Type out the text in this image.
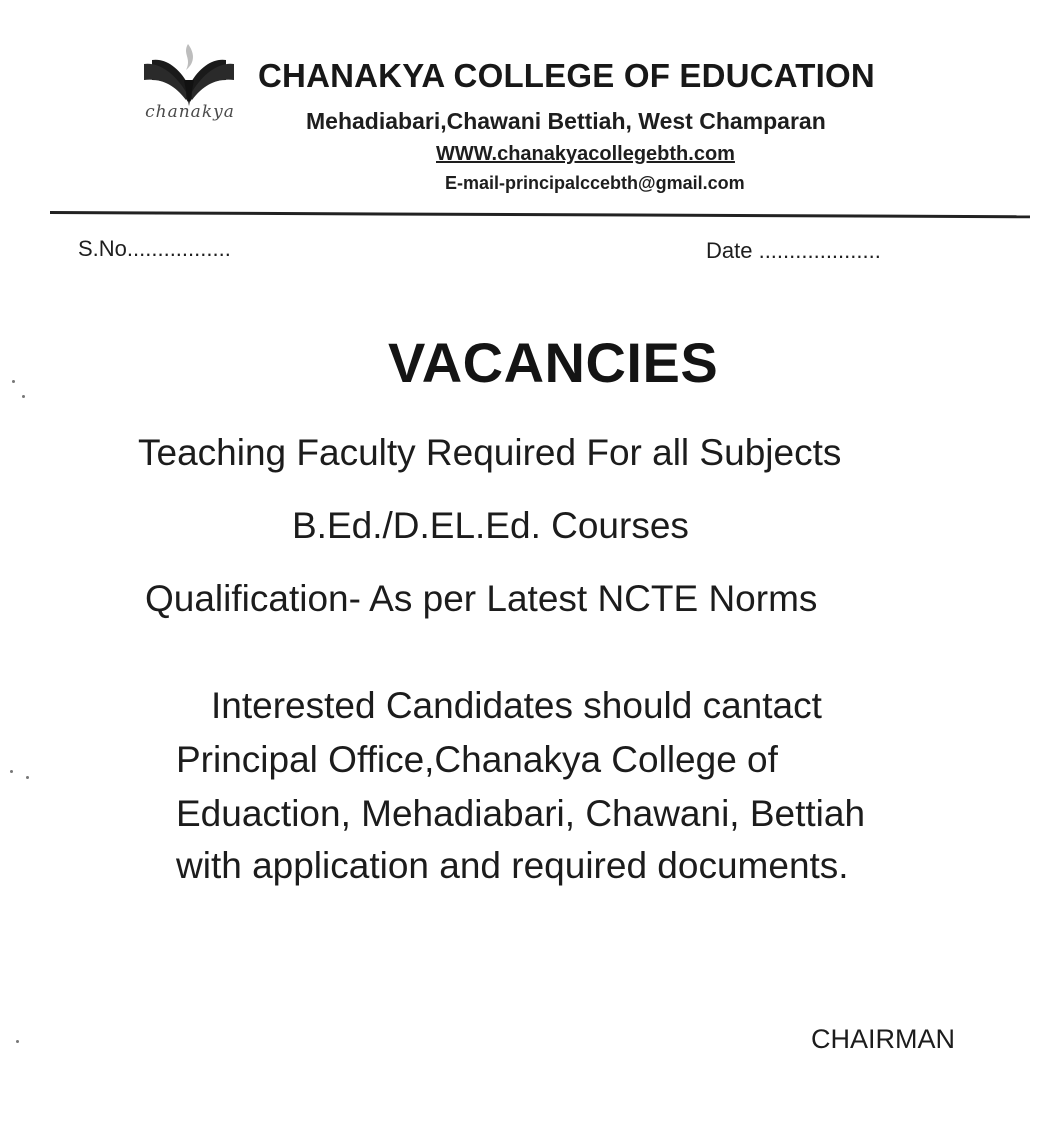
chanakya
CHANAKYA COLLEGE OF EDUCATION
Mehadiabari,Chawani Bettiah, West Champaran
WWW.chanakyacollegebth.com
E-mail-principalccebth@gmail.com
S.No.................	Date ....................
VACANCIES
Teaching Faculty Required For all Subjects
B.Ed./D.EL.Ed. Courses
Qualification- As per Latest NCTE Norms
Interested Candidates should cantact
Principal Office,Chanakya College of
Eduaction, Mehadiabari, Chawani, Bettiah
with application and required documents.
CHAIRMAN
